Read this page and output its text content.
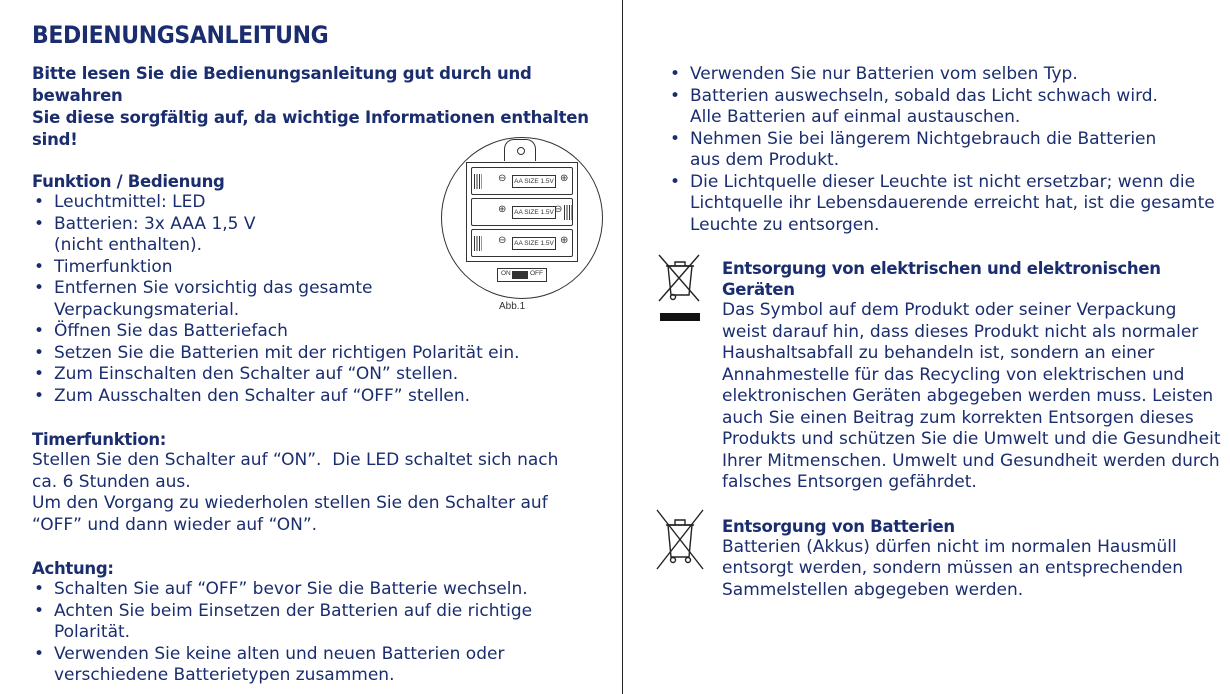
BEDIENUNGSANLEITUNG
Bitte lesen Sie die Bedienungsanleitung gut durch und bewahren
Sie diese sorgfältig auf, da wichtige Informationen enthalten
sind!
Funktion / Bedienung
• Leuchtmittel: LED
• Batterien: 3x AAA 1,5 V
(nicht enthalten).
• Timerfunktion
• Entfernen Sie vorsichtig das gesamte
Verpackungsmaterial.
• Öffnen Sie das Batteriefach
• Setzen Sie die Batterien mit der richtigen Polarität ein.
• Zum Einschalten den Schalter auf “ON” stellen.
• Zum Ausschalten den Schalter auf “OFF” stellen.
Timerfunktion:
Stellen Sie den Schalter auf “ON”.  Die LED schaltet sich nach
ca. 6 Stunden aus.
Um den Vorgang zu wiederholen stellen Sie den Schalter auf
“OFF” und dann wieder auf “ON”.
Achtung:
• Schalten Sie auf “OFF” bevor Sie die Batterie wechseln.
• Achten Sie beim Einsetzen der Batterien auf die richtige
Polarität.
• Verwenden Sie keine alten und neuen Batterien oder
verschiedene Batterietypen zusammen.
⊖	AA SIZE 1.5V ⊕
⊕	AA SIZE 1.5V ⊖
⊖	AA SIZE 1.5V ⊕
ON	OFF
Abb.1
• Verwenden Sie nur Batterien vom selben Typ.
• Batterien auswechseln, sobald das Licht schwach wird.
Alle Batterien auf einmal austauschen.
• Nehmen Sie bei längerem Nichtgebrauch die Batterien
aus dem Produkt.
• Die Lichtquelle dieser Leuchte ist nicht ersetzbar; wenn die
Lichtquelle ihr Lebensdauerende erreicht hat, ist die gesamte
Leuchte zu entsorgen.
Entsorgung von elektrischen und elektronischen Geräten
Das Symbol auf dem Produkt oder seiner Verpackung
weist darauf hin, dass dieses Produkt nicht als normaler
Haushaltsabfall zu behandeln ist, sondern an einer
Annahmestelle für das Recycling von elektrischen und
elektronischen Geräten abgegeben werden muss. Leisten
auch Sie einen Beitrag zum korrekten Entsorgen dieses
Produkts und schützen Sie die Umwelt und die Gesundheit
Ihrer Mitmenschen. Umwelt und Gesundheit werden durch
falsches Entsorgen gefährdet.
Entsorgung von Batterien
Batterien (Akkus) dürfen nicht im normalen Hausmüll
entsorgt werden, sondern müssen an entsprechenden
Sammelstellen abgegeben werden.
